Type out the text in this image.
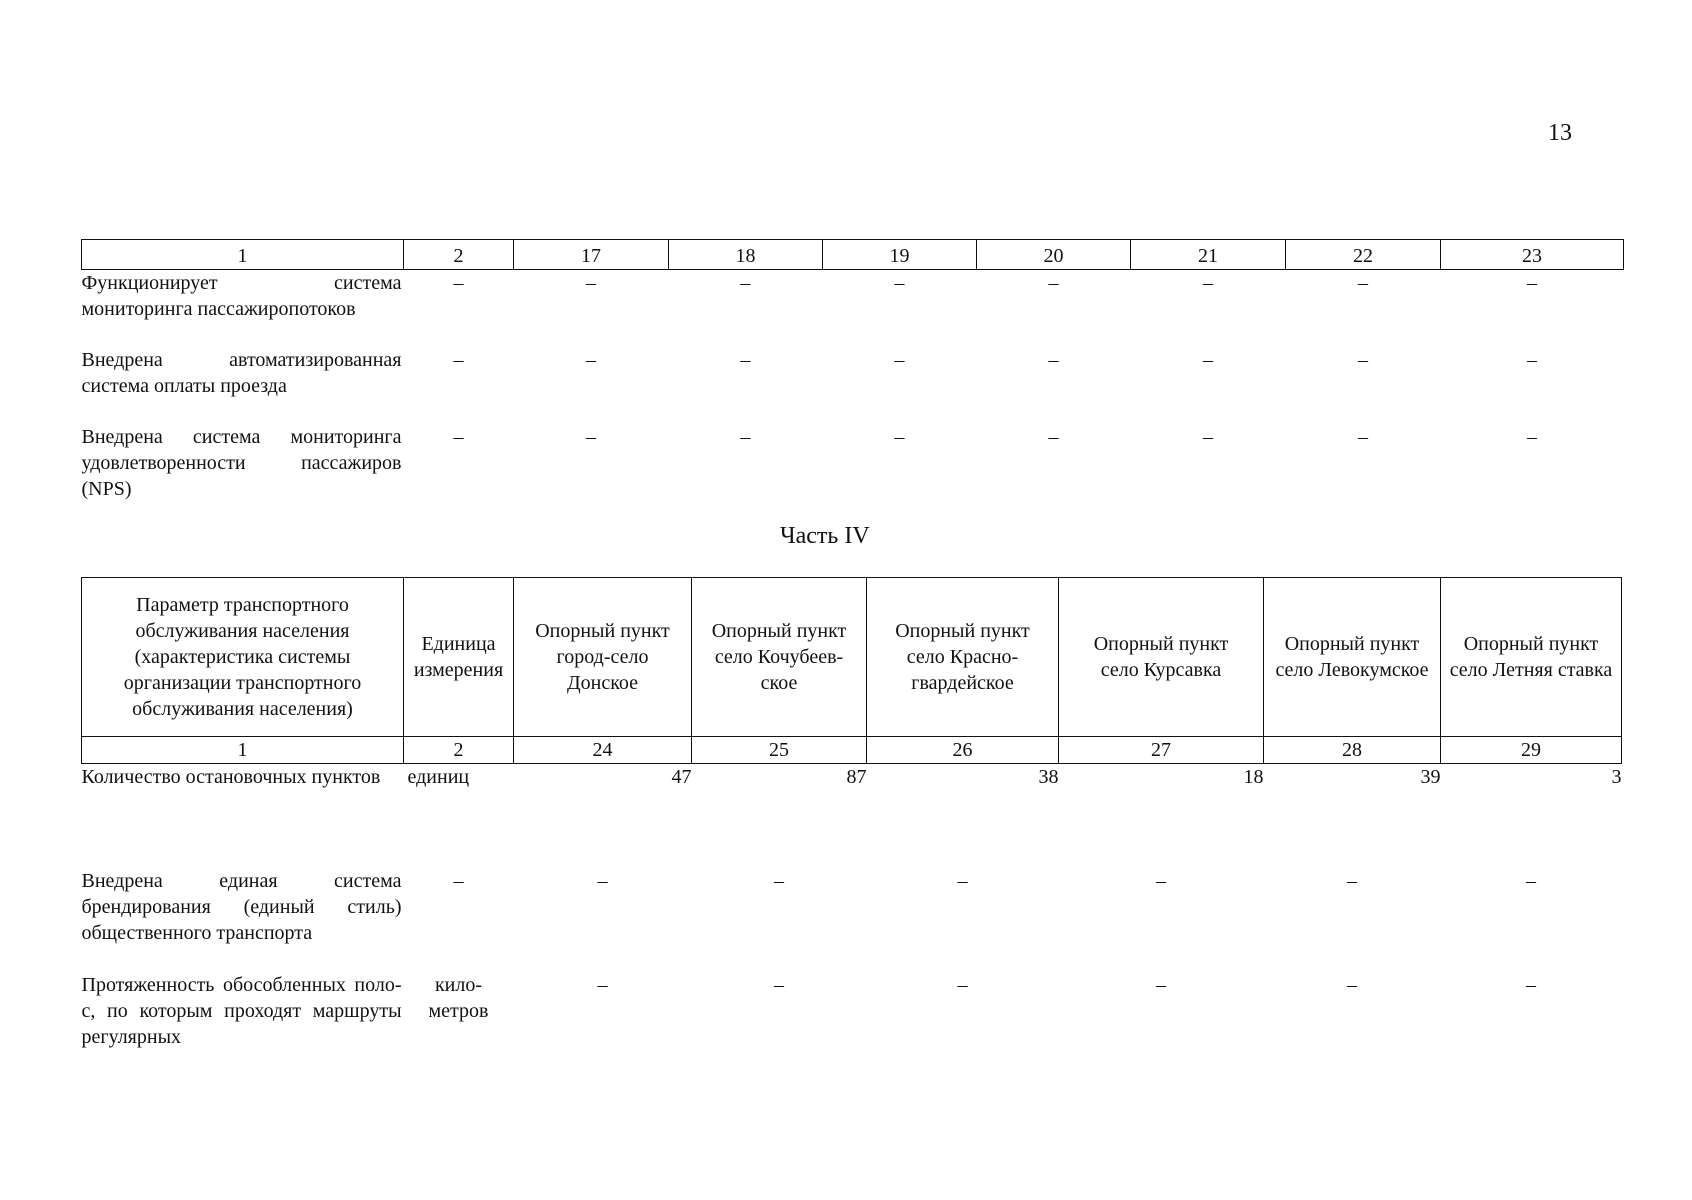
13
1	2	17	18	19	20	21	22	23
Функционирует система мониторинга пассажиропотоков	–	–	–	–	–	–	–	–
Внедрена автоматизированная система оплаты проезда	–	–	–	–	–	–	–	–
Внедрена система мониторинга удовлетворенности пассажиров (NPS)	–	–	–	–	–	–	–	–
Часть IV
Параметр транспортного обслуживания населения (характеристика системы организации транспортного обслуживания населения)	Единица измерения	Опорный пункт город-село Донское	Опорный пункт село Кочубеев-ское	Опорный пункт село Красно-гвардейское	Опорный пункт село Курсавка	Опорный пункт село Левокумское	Опорный пункт село Летняя ставка
1	2	24	25	26	27	28	29
Количество остановочных пунктов	единиц	47	87	38	18	39	3
Внедрена единая система брендирования (единый стиль) общественного транспорта	–	–	–	–	–	–	–
Протяженность обособленных полос, по которым проходят маршруты регулярных	кило-метров	–	–	–	–	–	–
